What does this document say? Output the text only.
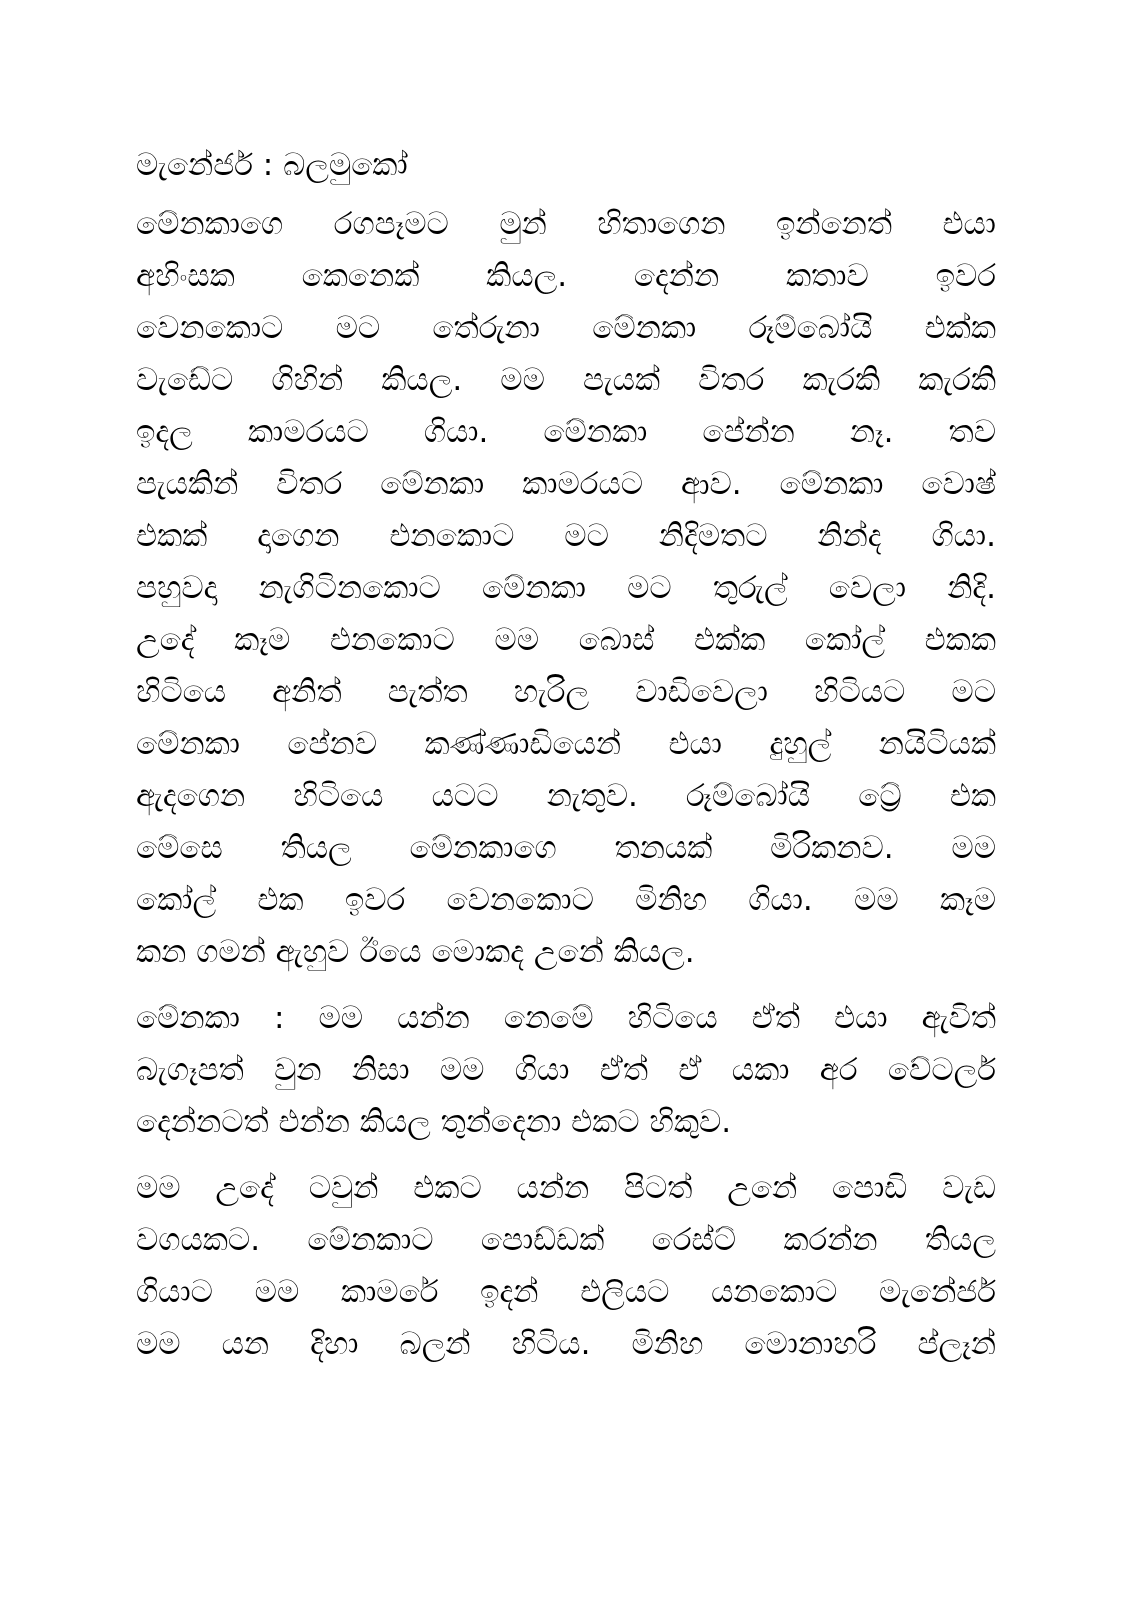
මැනේජර් : බලමුකෝ
මේනකාගෙ රගපෑමට මුන් හිතාගෙන ඉන්නෙත් එයා
අහිංසක කෙනෙක් කියල. දෙන්න කතාව ඉවර
වෙනකොට මට තේරුනා මේනකා රූම්බෝයි එක්ක
වැඩේට ගිහින් කියල. මම පැයක් විතර කැරකි කැරකි
ඉදල කාමරයට ගියා. මේනකා පේන්න නෑ. තව
පැයකින් විතර මේනකා කාමරයට ආව. මේනකා වොෂ්
එකක් දාගෙන එනකොට මට නිදිමතට නින්ද ගියා.
පහුවදා නැගිටිනකොට මේනකා මට තුරුල් වෙලා නිදි.
උදේ කෑම එනකොට මම බොස් එක්ක කෝල් එකක
හිටියෙ අනිත් පැත්ත හැරිල වාඩිවෙලා හිටියට මට
මේනකා පේනව කණ්ණාඩියෙන් එයා දුහුල් නයිටියක්
ඇදගෙන හිටියෙ යටට නැතුව. රූම්බෝයි ට්‍රේ එක
මේසෙ තියල මේනකාගෙ තනයක් මිරිකනව. මම
කෝල් එක ඉවර වෙනකොට මිනිහ ගියා. මම කෑම
කන ගමන් ඇහුව ඊයෙ මොකද උනේ කියල.
මේනකා : මම යන්න නෙමේ හිටියෙ ඒත් එයා ඇවිත්
බැගෑපත් වුන නිසා මම ගියා ඒත් ඒ යකා අර වේටර්ල
දෙන්නටත් එන්න කියල තුන්දෙනා එකට හිකුව.
මම උදේ ටවුන් එකට යන්න පිටත් උනේ පොඩි වැඩ
වගයකට. මේනකාට පොඩ්ඩක් රෙස්ට් කරන්න තියල
ගියාට මම කාමරේ ඉදන් එලියට යනකොට මැනේජර්
මම යන දිහා බලන් හිටිය. මිනිහ මොනාහරි ප්ලෑන්
